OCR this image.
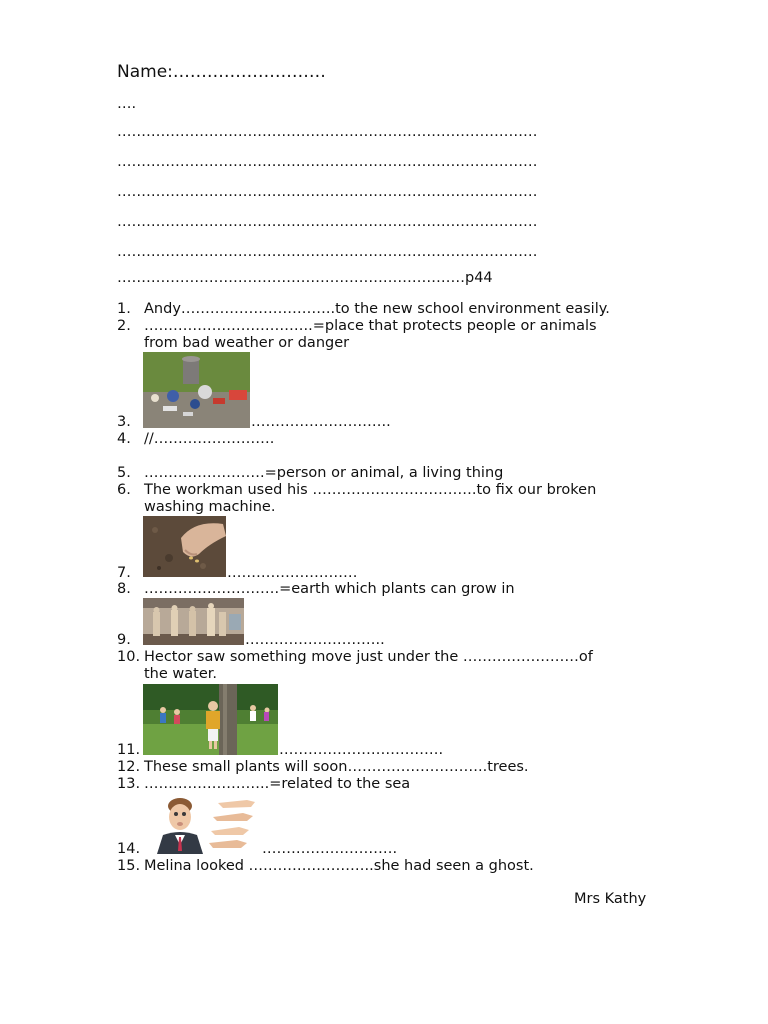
Name:………………………
….
……………………………………………………………………………
……………………………………………………………………………
……………………………………………………………………………
……………………………………………………………………………
……………………………………………………………………………
………………………………………………………………p44
1. Andy…………………………..to the new school environment easily.
2. ……………………………..=place that protects people or animals
from bad weather or danger
3.	………………………..
4. //…………………….
5. …………………….=person or animal, a living thing
6. The workman used his …………………………….to fix our broken
washing machine.
7.	………………………
8. ……………………….=earth which plants can grow in
9.	………………………..
10. Hector saw something move just under the ……………………of
the water.
11.	…………………………….
12. These small plants will soon………………………..trees.
13. ……………………..=related to the sea
14.	……………………….
15. Melina looked ……………………..she had seen a ghost.
Mrs Kathy
